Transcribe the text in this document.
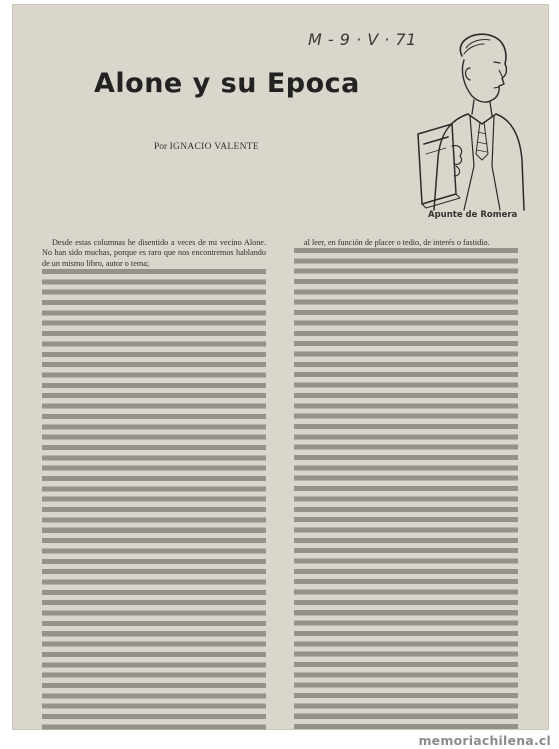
M - 9 · V · 71
Alone y su Epoca
Por IGNACIO VALENTE
Apunte de Romera

Desde estas columnas he disentido a veces de mi vecino Alone. No han sido muchas, porque es raro que nos encontremos hablando de un mismo libro, autor o tema;

al leer, en función de placer o tedio, de interés o fastidio.

memoriachilena.cl
